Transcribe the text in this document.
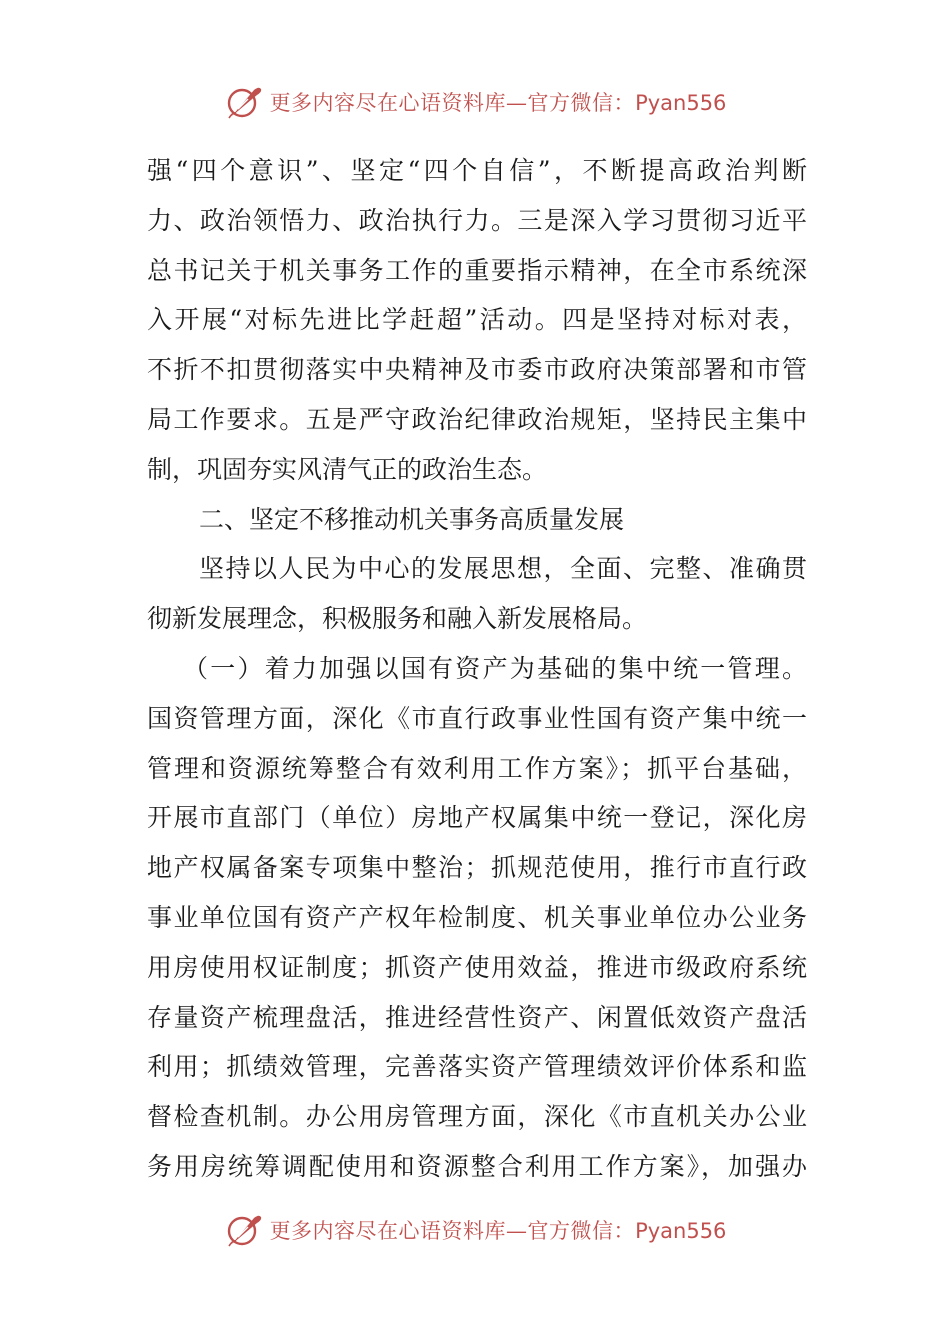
更多内容尽在心语资料库—官方微信：Pyan556
强“四个意识”、坚定“四个自信”，不断提高政治判断
力、政治领悟力、政治执行力。三是深入学习贯彻习近平
总书记关于机关事务工作的重要指示精神，在全市系统深
入开展“对标先进比学赶超”活动。四是坚持对标对表，
不折不扣贯彻落实中央精神及市委市政府决策部署和市管
局工作要求。五是严守政治纪律政治规矩，坚持民主集中
制，巩固夯实风清气正的政治生态。
二、坚定不移推动机关事务高质量发展
坚持以人民为中心的发展思想，全面、完整、准确贯
彻新发展理念，积极服务和融入新发展格局。
（一）着力加强以国有资产为基础的集中统一管理。
国资管理方面，深化《市直行政事业性国有资产集中统一
管理和资源统筹整合有效利用工作方案》；抓平台基础，
开展市直部门（单位）房地产权属集中统一登记，深化房
地产权属备案专项集中整治；抓规范使用，推行市直行政
事业单位国有资产产权年检制度、机关事业单位办公业务
用房使用权证制度；抓资产使用效益，推进市级政府系统
存量资产梳理盘活，推进经营性资产、闲置低效资产盘活
利用；抓绩效管理，完善落实资产管理绩效评价体系和监
督检查机制。办公用房管理方面，深化《市直机关办公业
务用房统筹调配使用和资源整合利用工作方案》，加强办
更多内容尽在心语资料库—官方微信：Pyan556
